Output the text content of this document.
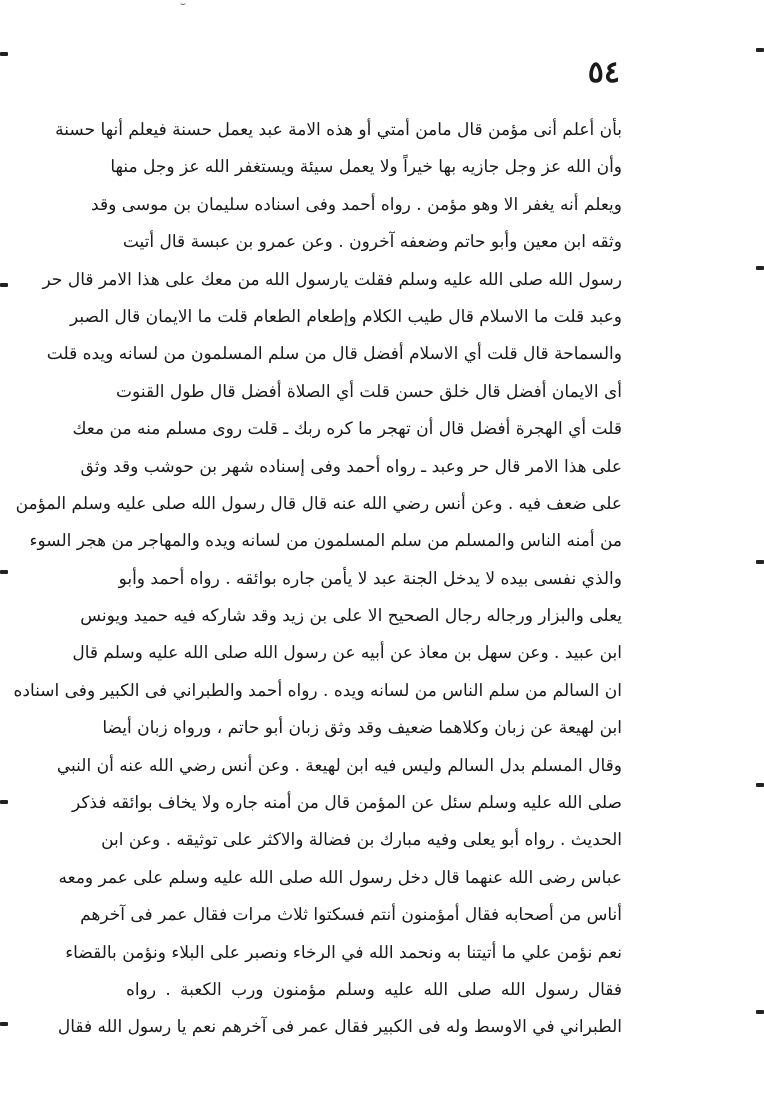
٥٤
بأن أعلم أنى مؤمن قال مامن أمتي أو هذه الامة عبد يعمل حسنة فيعلم أنها حسنة
وأن الله عز وجل جازيه بها خيراً ولا يعمل سيئة ويستغفر الله عز وجل منها
ويعلم أنه يغفر الا وهو مؤمن . رواه أحمد وفى اسناده سليمان بن موسى وقد
وثقه ابن معين وأبو حاتم وضعفه آخرون . وعن عمرو بن عبسة قال أتيت
رسول الله صلى الله عليه وسلم فقلت يارسول الله من معك على هذا الامر قال حر
وعبد قلت ما الاسلام قال طيب الكلام وإطعام الطعام قلت ما الايمان قال الصبر
والسماحة قال قلت أي الاسلام أفضل قال من سلم المسلمون من لسانه ويده قلت
أى الايمان أفضل قال خلق حسن قلت أي الصلاة أفضل قال طول القنوت
قلت أي الهجرة أفضل قال أن تهجر ما كره ربك ـ قلت روى مسلم منه من معك
على هذا الامر قال حر وعبد ـ رواه أحمد وفى إسناده شهر بن حوشب وقد وثق
على ضعف فيه . وعن أنس رضي الله عنه قال قال رسول الله صلى عليه وسلم المؤمن
من أمنه الناس والمسلم من سلم المسلمون من لسانه ويده والمهاجر من هجر السوء
والذي نفسى بيده لا يدخل الجنة عبد لا يأمن جاره بوائقه . رواه أحمد وأبو
يعلى والبزار ورجاله رجال الصحيح الا على بن زيد وقد شاركه فيه حميد ويونس
ابن عبيد . وعن سهل بن معاذ عن أبيه عن رسول الله صلى الله عليه وسلم قال
ان السالم من سلم الناس من لسانه ويده . رواه أحمد والطبراني فى الكبير وفى اسناده
ابن لهيعة عن زبان وكلاهما ضعيف وقد وثق زبان أبو حاتم ، ورواه زبان أيضا
وقال المسلم بدل السالم وليس فيه ابن لهيعة . وعن أنس رضي الله عنه أن النبي
صلى الله عليه وسلم سئل عن المؤمن قال من أمنه جاره ولا يخاف بوائقه فذكر
الحديث . رواه أبو يعلى وفيه مبارك بن فضالة والاكثر على توثيقه . وعن ابن
عباس رضى الله عنهما قال دخل رسول الله صلى الله عليه وسلم على عمر ومعه
أناس من أصحابه فقال أمؤمنون أنتم فسكتوا ثلاث مرات فقال عمر فى آخرهم
نعم نؤمن علي ما أتيتنا به ونحمد الله في الرخاء ونصبر على البلاء ونؤمن بالقضاء
فقال رسول الله صلى الله عليه وسلم مؤمنون ورب الكعبة . رواه
الطبراني في الاوسط وله فى الكبير فقال عمر فى آخرهم نعم يا رسول الله فقال
